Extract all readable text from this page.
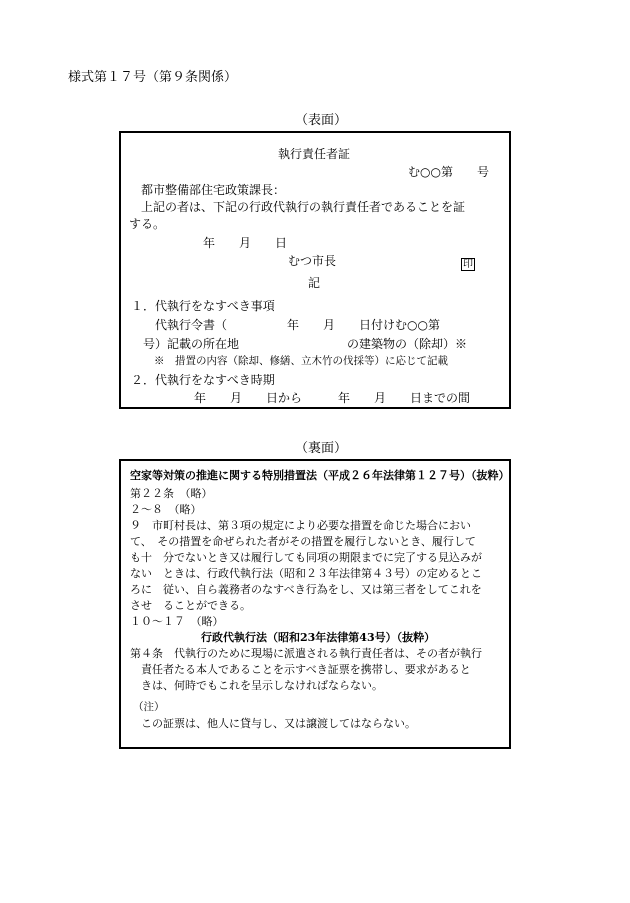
様式第１７号（第９条関係）
（表面）
執行責任者証
む○○第　　号
都市整備部住宅政策課長：
上記の者は、下記の行政代執行の執行責任者であることを証
する。
年　　月　　日
むつ市長	印
記
１．代執行をなすべき事項
代執行令書（　　　　　年　　月　　日付けむ○○第
号）記載の所在地　　　　　　　　　の建築物の（除却）※
※　措置の内容（除却、修繕、立木竹の伐採等）に応じて記載
２．代執行をなすべき時期
年　　月　　日から　　　年　　月　　日までの間
（裏面）
空家等対策の推進に関する特別措置法（平成２６年法律第１２７号）（抜粋）
第２２条　（略）
２～８　（略）
９　市町村長は、第３項の規定により必要な措置を命じた場合におい
て、　その措置を命ぜられた者がその措置を履行しないとき、履行して
も十　分でないとき又は履行しても同項の期限までに完了する見込みが
ない　ときは、行政代執行法（昭和２３年法律第４３号）の定めるとこ
ろに　従い、自ら義務者のなすべき行為をし、又は第三者をしてこれを
させ　ることができる。
１０～１７　（略）
行政代執行法（昭和23年法律第43号）（抜粋）
第４条　代執行のために現場に派遣される執行責任者は、その者が執行
責任者たる本人であることを示すべき証票を携帯し、要求があると
きは、何時でもこれを呈示しなければならない。
（注）
この証票は、他人に貸与し、又は譲渡してはならない。
